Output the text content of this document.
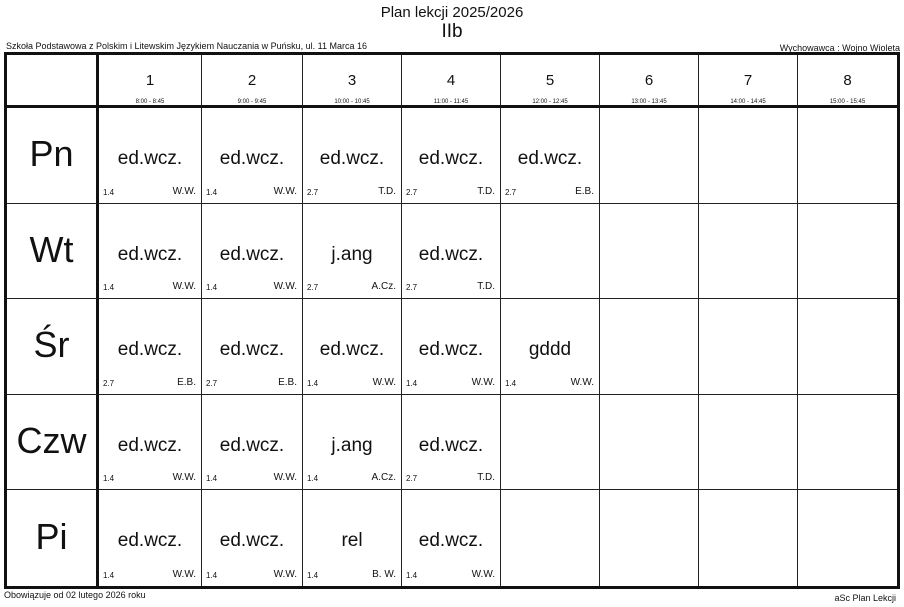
Plan lekcji 2025/2026
IIb
Szkoła Podstawowa z Polskim i Litewskim Językiem Nauczania w Puńsku, ul. 11 Marca 16	Wychowawca : Wojno Wioleta
1
8:00 - 8:45
2
9:00 - 9:45
3
10:00 - 10:45
4
11:00 - 11:45
5
12:00 - 12:45
6
13:00 - 13:45
7
14:00 - 14:45
8
15:00 - 15:45
Pn	ed.wcz.
1.4	W.W.
ed.wcz.
1.4	W.W.
ed.wcz.
2.7	T.D.
ed.wcz.
2.7	T.D.
ed.wcz.
2.7	E.B.
Wt	ed.wcz.
1.4	W.W.
ed.wcz.
1.4	W.W.
j.ang
2.7	A.Cz.
ed.wcz.
2.7	T.D.
Śr	ed.wcz.
2.7	E.B.
ed.wcz.
2.7	E.B.
ed.wcz.
1.4	W.W.
ed.wcz.
1.4	W.W.
gddd
1.4	W.W.
Czw	ed.wcz.
1.4	W.W.
ed.wcz.
1.4	W.W.
j.ang
1.4	A.Cz.
ed.wcz.
2.7	T.D.
Pi	ed.wcz.
1.4	W.W.
ed.wcz.
1.4	W.W.
rel
1.4	B. W.
ed.wcz.
1.4	W.W.
Obowiązuje od 02 lutego 2026 roku	aSc Plan Lekcji
